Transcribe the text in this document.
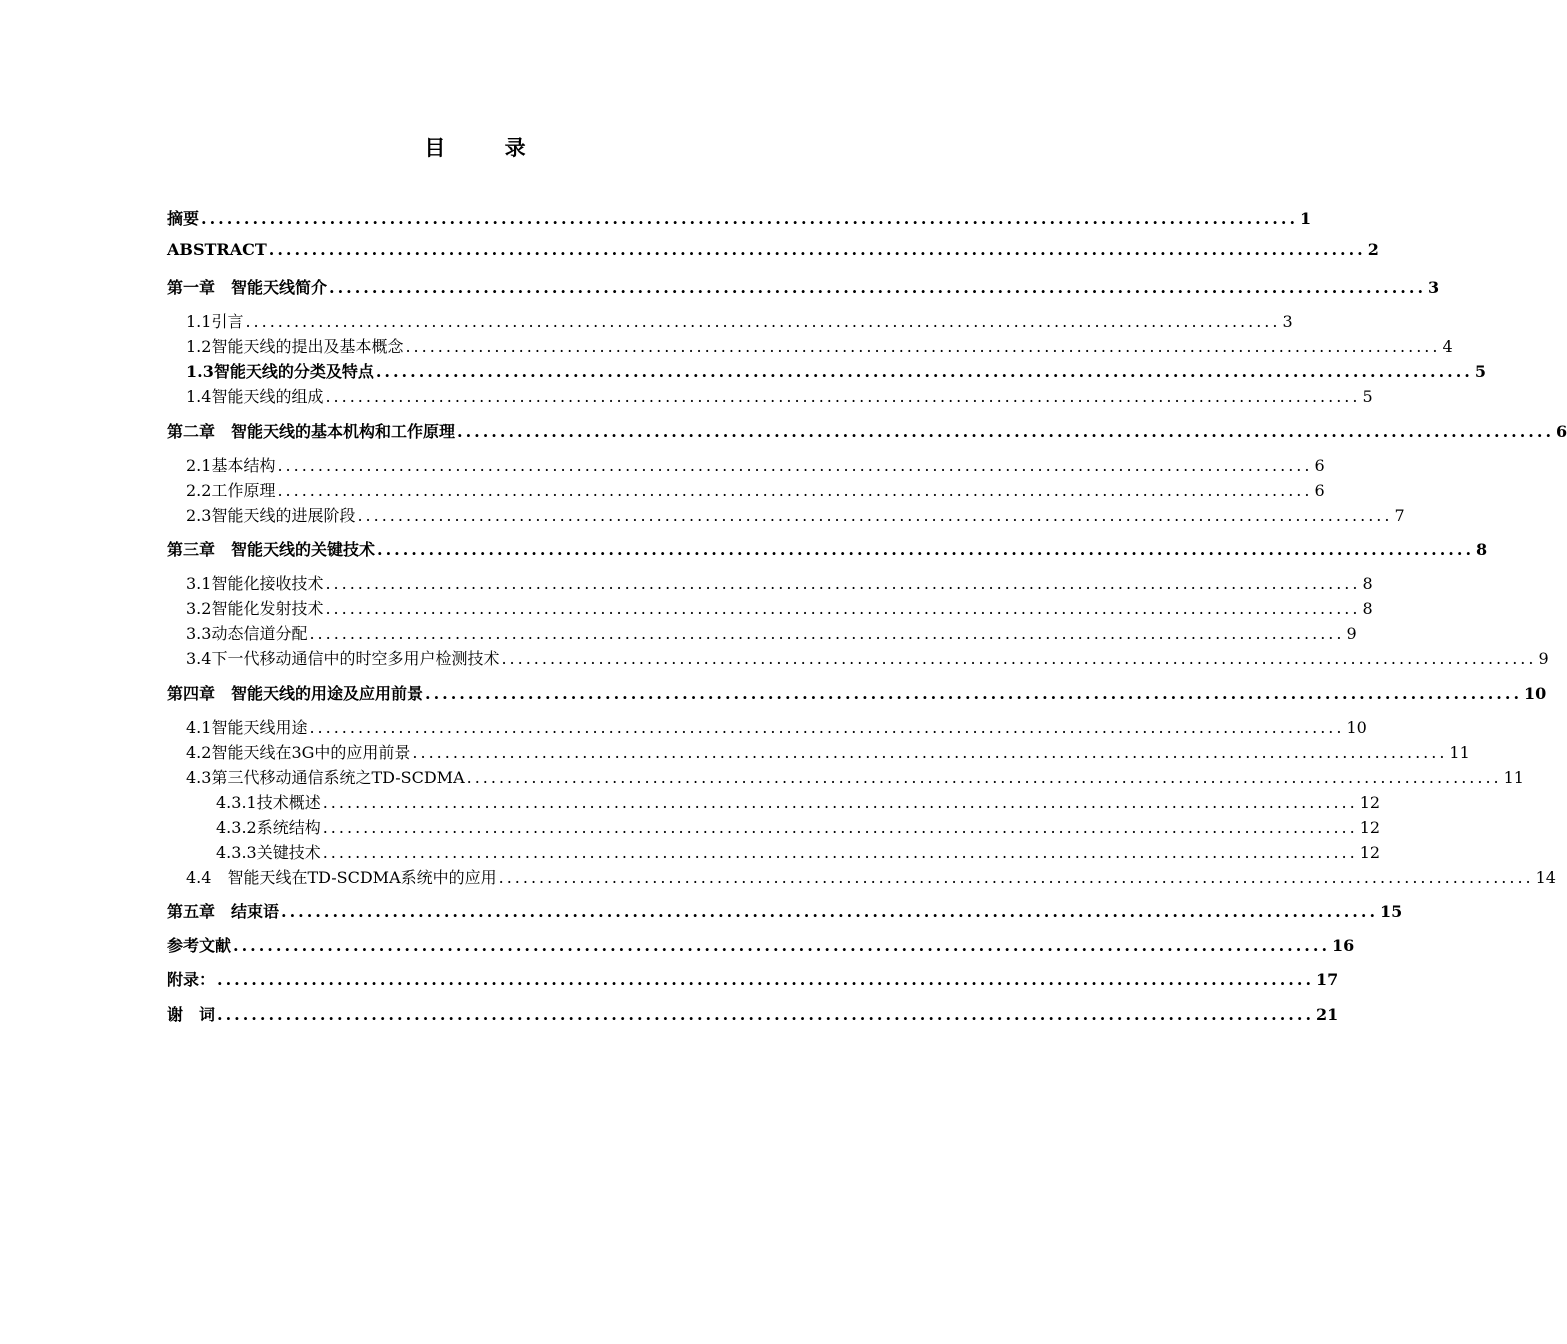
目 录
摘要 ................................................................................................................................ 1
ABSTRACT ................................................................................................................................ 2
第一章　智能天线简介 ................................................................................................................................ 3
1.1引言 ................................................................................................................................ 3
1.2智能天线的提出及基本概念 ................................................................................................................................ 4
1.3智能天线的分类及特点 ................................................................................................................................ 5
1.4智能天线的组成 ................................................................................................................................ 5
第二章　智能天线的基本机构和工作原理 ................................................................................................................................ 6
2.1基本结构 ................................................................................................................................ 6
2.2工作原理 ................................................................................................................................ 6
2.3智能天线的进展阶段 ................................................................................................................................ 7
第三章　智能天线的关键技术 ................................................................................................................................ 8
3.1智能化接收技术 ................................................................................................................................ 8
3.2智能化发射技术 ................................................................................................................................ 8
3.3动态信道分配 ................................................................................................................................ 9
3.4下一代移动通信中的时空多用户检测技术 ................................................................................................................................ 9
第四章　智能天线的用途及应用前景 ................................................................................................................................ 10
4.1智能天线用途 ................................................................................................................................ 10
4.2智能天线在3G中的应用前景 ................................................................................................................................ 11
4.3第三代移动通信系统之TD-SCDMA ................................................................................................................................ 11
4.3.1技术概述 ................................................................................................................................ 12
4.3.2系统结构 ................................................................................................................................ 12
4.3.3关键技术 ................................................................................................................................ 12
4.4　智能天线在TD-SCDMA系统中的应用 ................................................................................................................................ 14
第五章　结束语 ................................................................................................................................ 15
参考文献 ................................................................................................................................ 16
附录： ................................................................................................................................ 17
谢　词 ................................................................................................................................ 21
